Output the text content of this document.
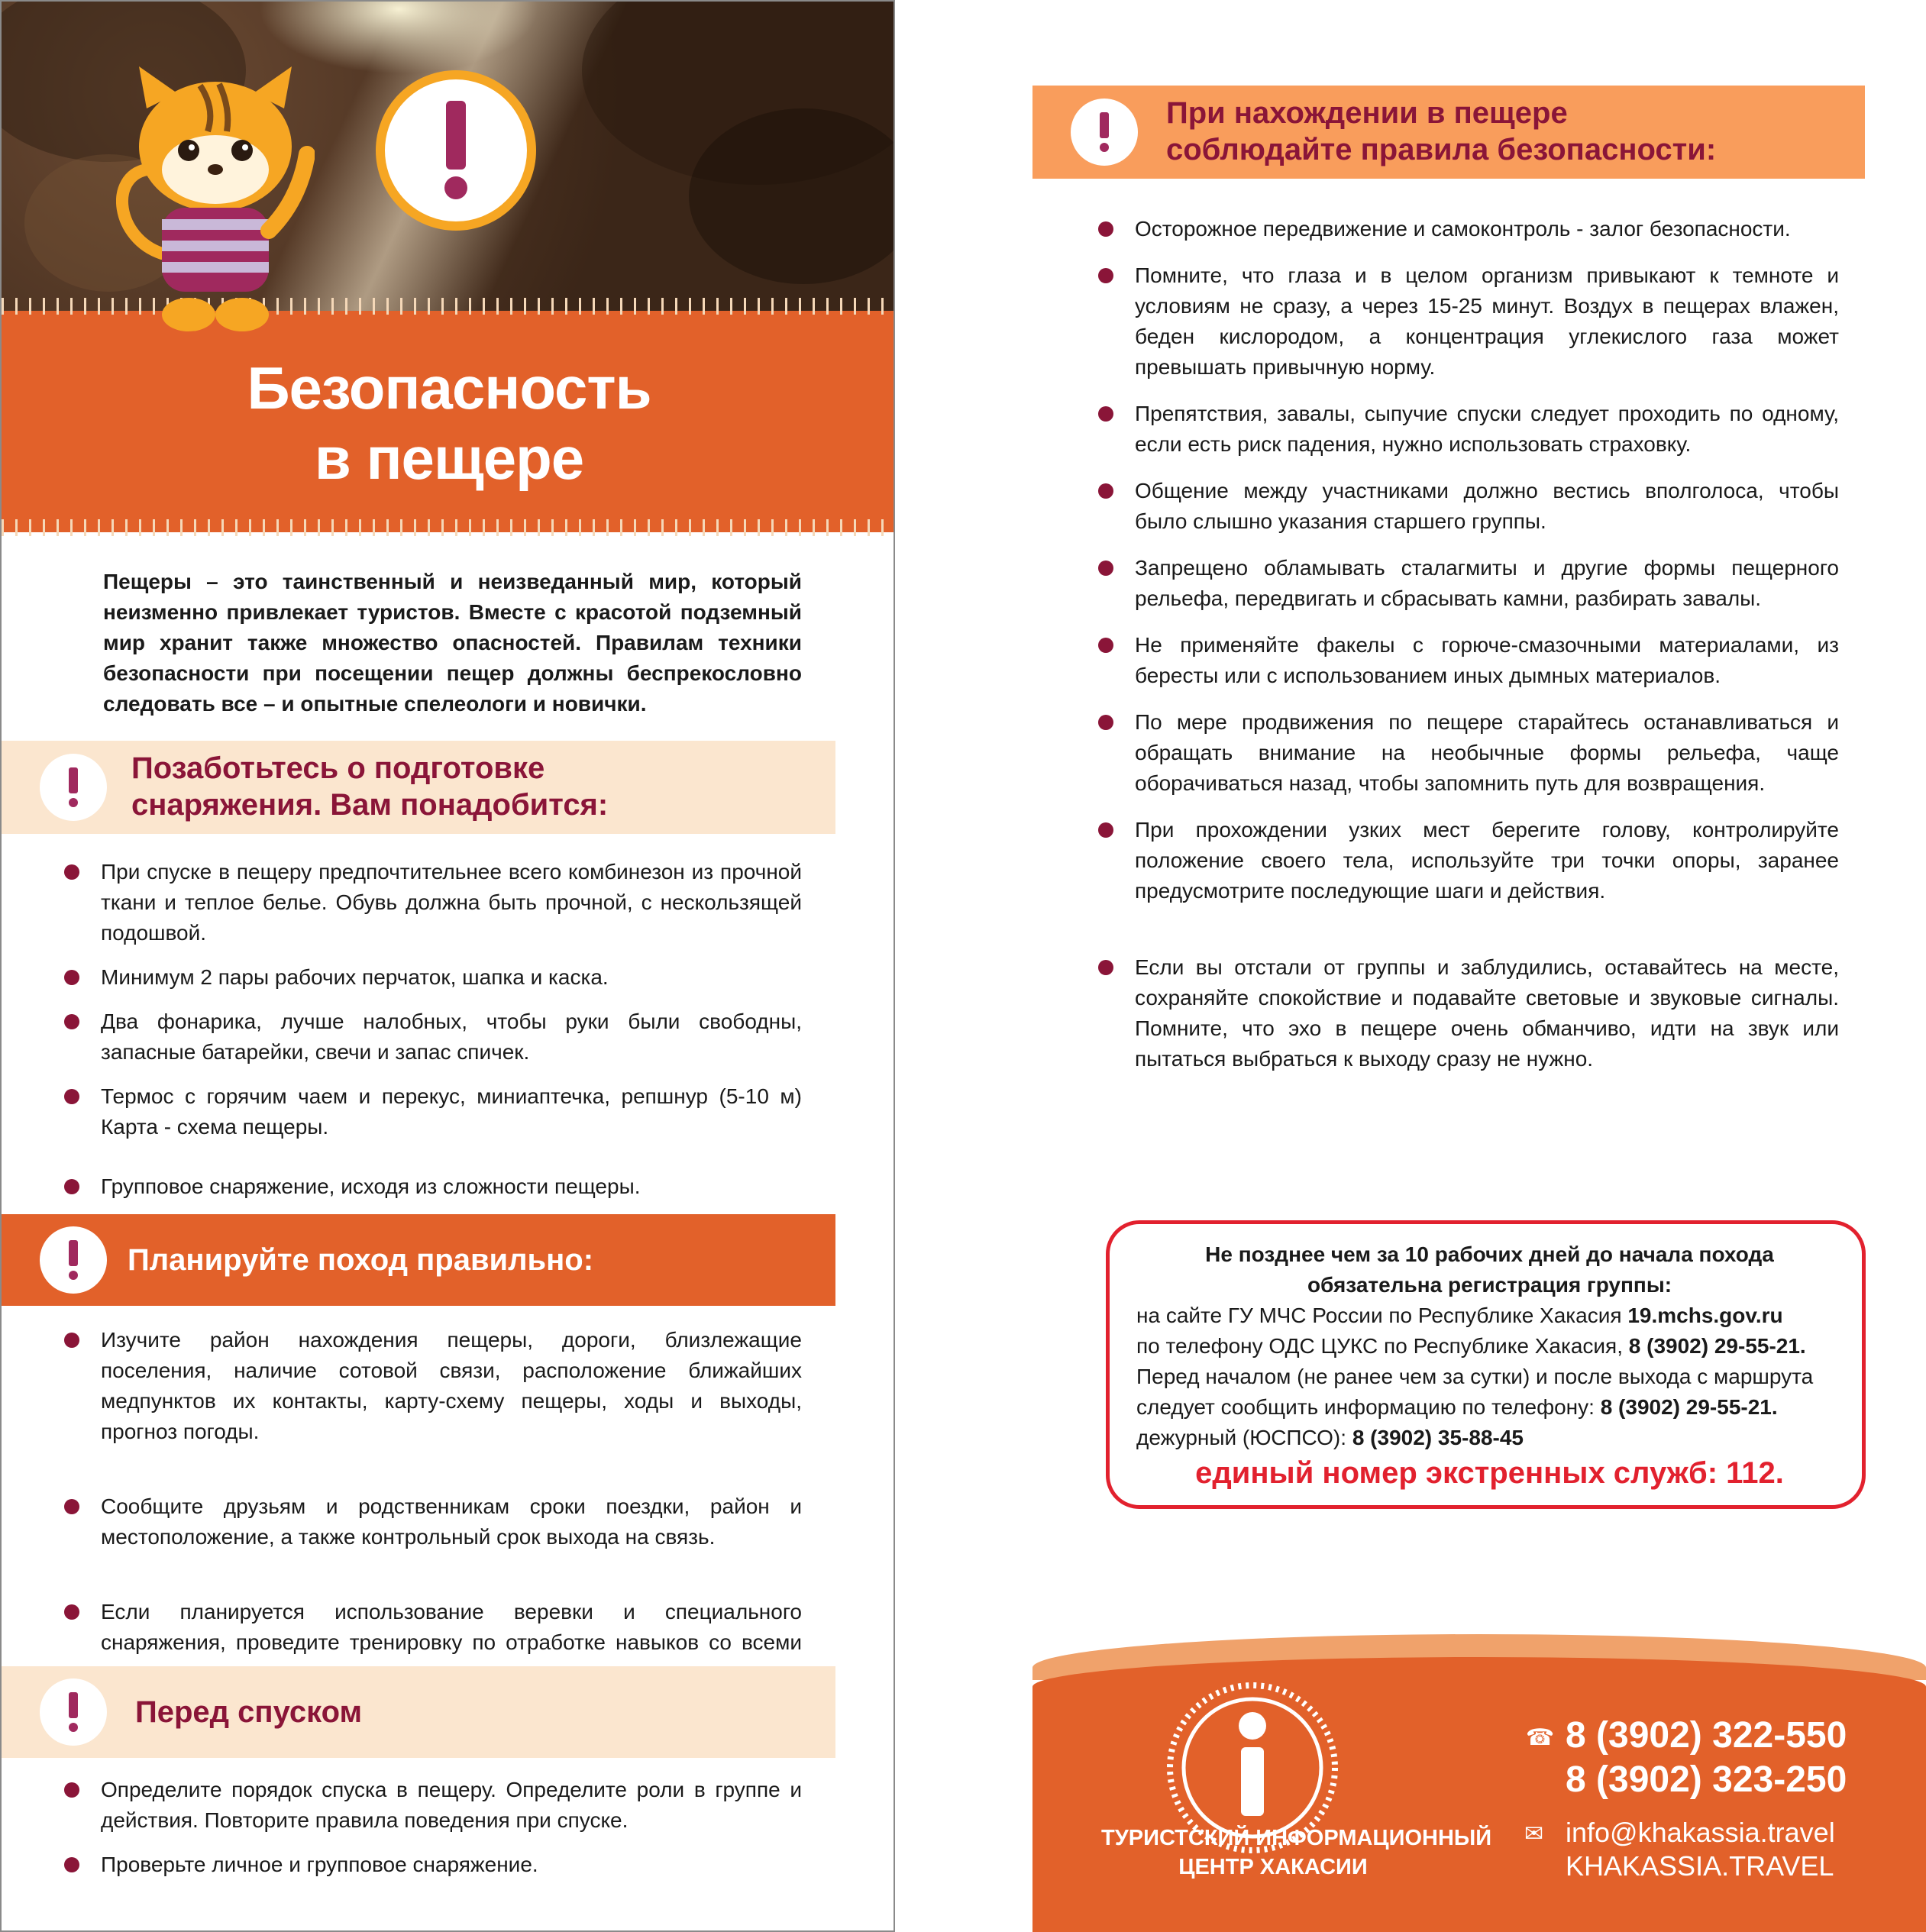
Безопасность
в пещере
Пещеры – это таинственный и неизведанный мир, который неизменно привлекает туристов. Вместе с красотой подземный мир хранит также множество опасностей. Правилам техники безопасности при посещении пещер должны беспрекословно следовать все – и опытные спелеологи и новички.
Позаботьтесь о подготовке
снаряжения. Вам понадобится:
При спуске в пещеру предпочтительнее всего комбинезон из прочной ткани и теплое белье. Обувь должна быть прочной, с нескользящей подошвой.
Минимум 2 пары рабочих перчаток, шапка и каска.
Два фонарика, лучше налобных, чтобы руки были свободны, запасные батарейки, свечи и запас спичек.
Термос с горячим чаем и перекус, миниаптечка, репшнур (5-10 м) Карта - схема пещеры.
Групповое снаряжение, исходя из сложности пещеры.
Планируйте поход правильно:
Изучите район нахождения пещеры, дороги, близлежащие поселения, наличие сотовой связи, расположение ближайших медпунктов их контакты, карту-схему пещеры, ходы и выходы, прогноз погоды.
Сообщите друзьям и родственникам сроки поездки, район и местоположение, а также контрольный срок выхода на связь.
Если планируется использование веревки и специального снаряжения, проведите тренировку по отработке навыков со всеми
Перед спуском
Определите порядок спуска в пещеру. Определите роли в группе и действия. Повторите правила поведения при спуске.
Проверьте личное и групповое снаряжение.
При нахождении в пещере
соблюдайте правила безопасности:
Осторожное передвижение и самоконтроль - залог безопасности.
Помните, что глаза и в целом организм привыкают к темноте и условиям не сразу, а через 15-25 минут. Воздух в пещерах влажен, беден кислородом, а концентрация углекислого газа может превышать привычную норму.
Препятствия, завалы, сыпучие спуски следует проходить по одному, если есть риск падения, нужно использовать страховку.
Общение между участниками должно вестись вполголоса, чтобы было слышно указания старшего группы.
Запрещено обламывать сталагмиты и другие формы пещерного рельефа, передвигать и сбрасывать камни, разбирать завалы.
Не применяйте факелы с горюче-смазочными материалами, из бересты или с использованием иных дымных материалов.
По мере продвижения по пещере старайтесь останавливаться и обращать внимание на необычные формы рельефа, чаще оборачиваться назад, чтобы запомнить путь для возвращения.
При прохождении узких мест берегите голову, контролируйте положение своего тела, используйте три точки опоры, заранее предусмотрите последующие шаги и действия.
Если вы отстали от группы и заблудились, оставайтесь на месте, сохраняйте спокойствие и подавайте световые и звуковые сигналы. Помните, что эхо в пещере очень обманчиво, идти на звук или пытаться выбраться к выходу сразу не нужно.
Не позднее чем за 10 рабочих дней до начала похода
обязательна регистрация группы:
на сайте ГУ МЧС России по Республике Хакасия 19.mchs.gov.ru
по телефону ОДС ЦУКС по Республике Хакасия, 8 (3902) 29-55-21.
Перед началом (не ранее чем за сутки) и после выхода с маршрута
следует сообщить информацию по телефону: 8 (3902) 29-55-21.
дежурный (ЮСПСО): 8 (3902) 35-88-45
единый номер экстренных служб: 112.
ТУРИСТСКИЙ ИНФОРМАЦИОННЫЙ
ЦЕНТР ХАКАСИИ
☎ 8 (3902) 322-550
8 (3902) 323-250
✉ info@khakassia.travel
KHAKASSIA.TRAVEL
